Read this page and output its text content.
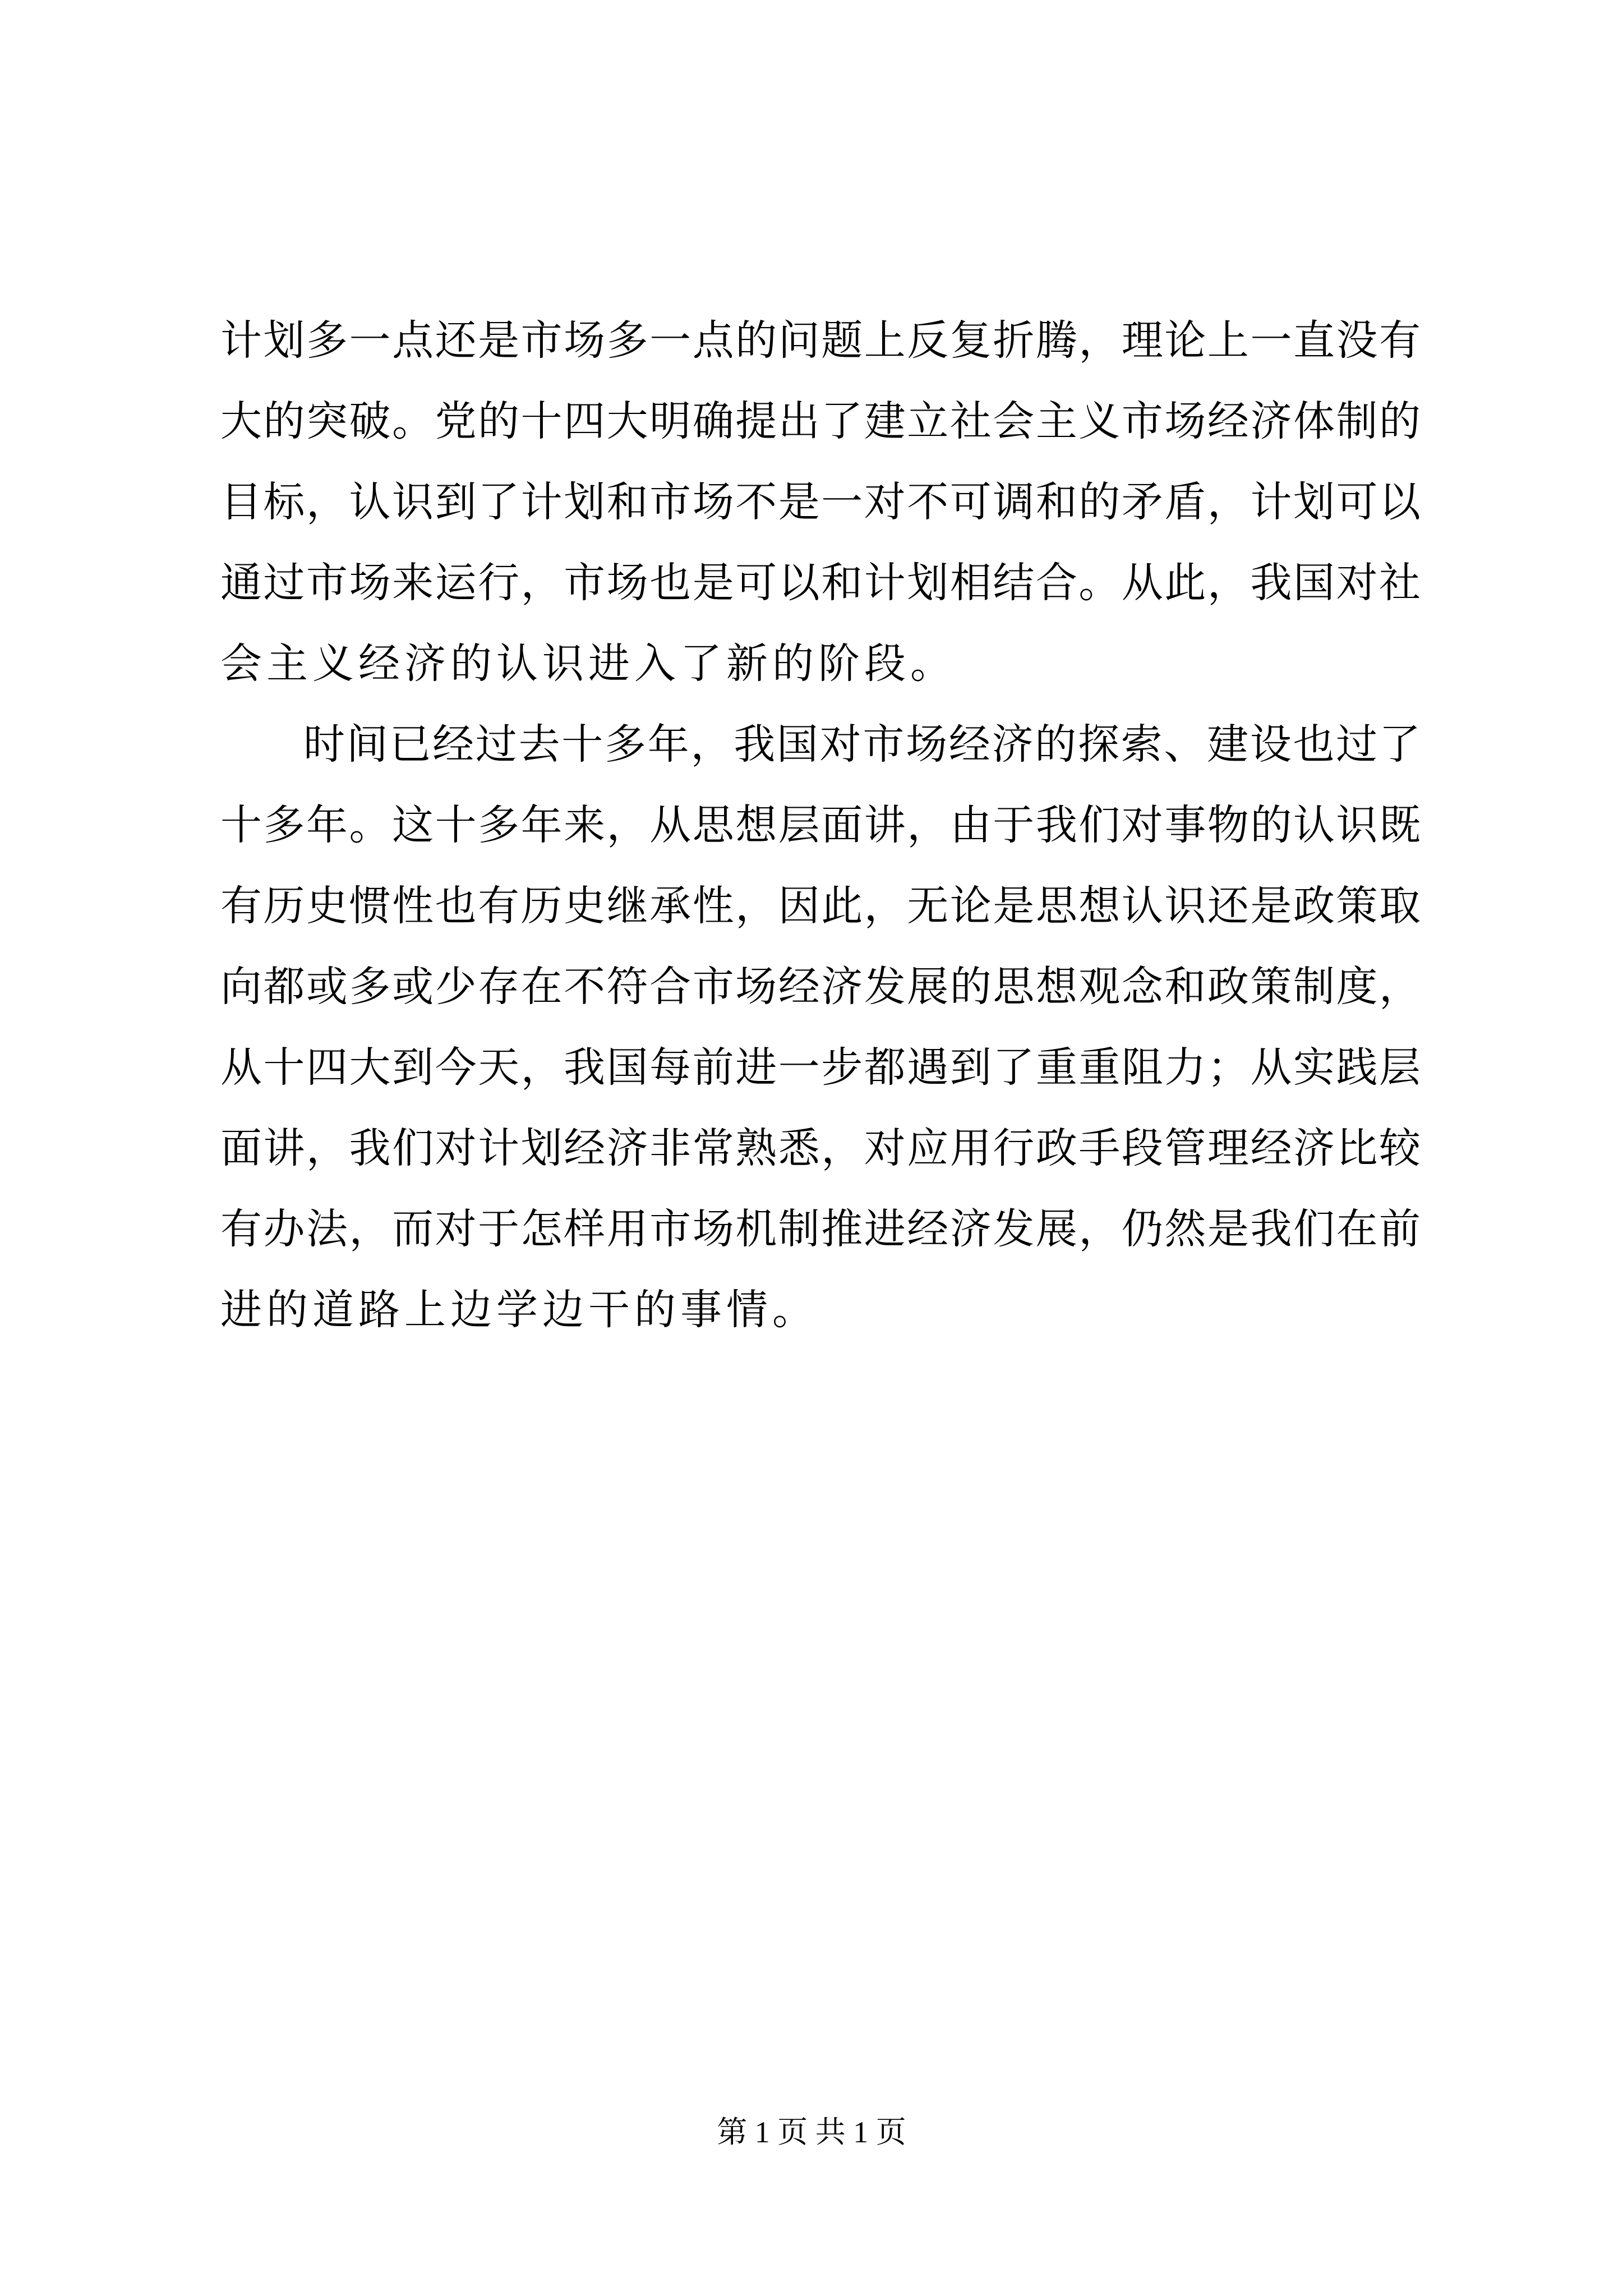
计划多一点还是市场多一点的问题上反复折腾，理论上一直没有
大的突破。党的十四大明确提出了建立社会主义市场经济体制的
目标，认识到了计划和市场不是一对不可调和的矛盾，计划可以
通过市场来运行，市场也是可以和计划相结合。从此，我国对社
会主义经济的认识进入了新的阶段。
时间已经过去十多年，我国对市场经济的探索、建设也过了
十多年。这十多年来，从思想层面讲，由于我们对事物的认识既
有历史惯性也有历史继承性，因此，无论是思想认识还是政策取
向都或多或少存在不符合市场经济发展的思想观念和政策制度，
从十四大到今天，我国每前进一步都遇到了重重阻力；从实践层
面讲，我们对计划经济非常熟悉，对应用行政手段管理经济比较
有办法，而对于怎样用市场机制推进经济发展，仍然是我们在前
进的道路上边学边干的事情。
第 1 页 共 1 页
